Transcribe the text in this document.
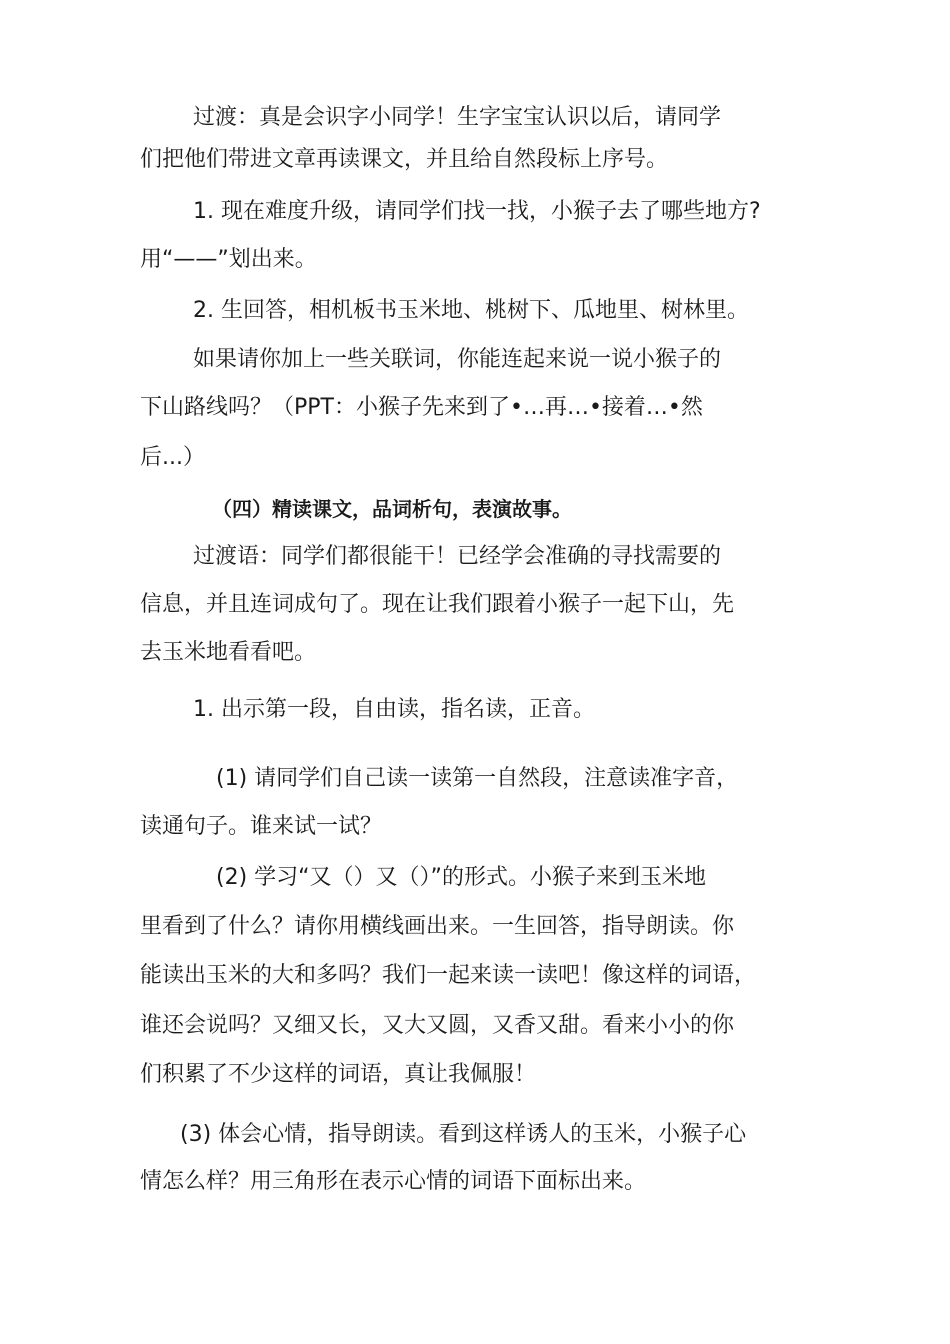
过渡：真是会识字小同学！生字宝宝认识以后，请同学
们把他们带进文章再读课文，并且给自然段标上序号。
1. 现在难度升级，请同学们找一找，小猴子去了哪些地方?
用“——”划出来。
2. 生回答，相机板书玉米地、桃树下、瓜地里、树林里。
如果请你加上一些关联词，你能连起来说一说小猴子的
下山路线吗？（PPT：小猴子先来到了•…再…•接着…•然
后...）
（四）精读课文，品词析句，表演故事。
过渡语：同学们都很能干！已经学会准确的寻找需要的
信息，并且连词成句了。现在让我们跟着小猴子一起下山，先
去玉米地看看吧。
1. 出示第一段，自由读，指名读，正音。
(1) 请同学们自己读一读第一自然段，注意读准字音，
读通句子。谁来试一试？
(2) 学习“又（）又（）”的形式。小猴子来到玉米地
里看到了什么？请你用横线画出来。一生回答，指导朗读。你
能读出玉米的大和多吗？我们一起来读一读吧！像这样的词语，
谁还会说吗？又细又长，又大又圆，又香又甜。看来小小的你
们积累了不少这样的词语，真让我佩服！
(3) 体会心情，指导朗读。看到这样诱人的玉米，小猴子心
情怎么样？用三角形在表示心情的词语下面标出来。
